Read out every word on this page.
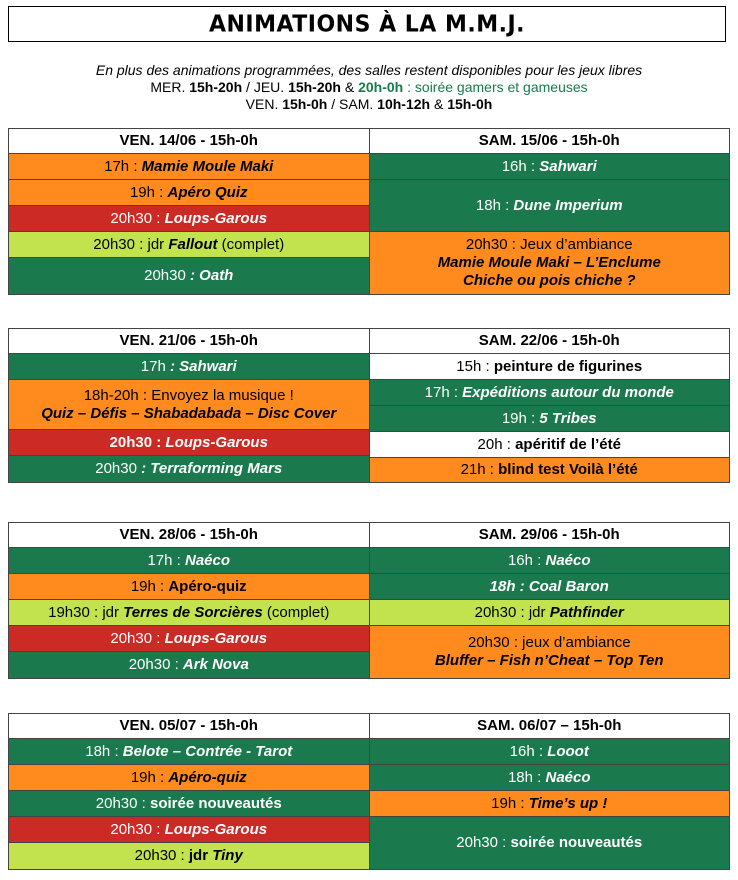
ANIMATIONS À LA M.M.J.
En plus des animations programmées, des salles restent disponibles pour les jeux libres
MER. 15h-20h / JEU. 15h-20h & 20h-0h : soirée gamers et gameuses
VEN. 15h-0h / SAM. 10h-12h & 15h-0h
VEN. 14/06 - 15h-0h
17h : Mamie Moule Maki
19h : Apéro Quiz
20h30 : Loups-Garous
20h30 : jdr Fallout (complet)
20h30 : Oath
SAM. 15/06 - 15h-0h
16h : Sahwari
18h : Dune Imperium
20h30 : Jeux d’ambiance
Mamie Moule Maki – L’Enclume
Chiche ou pois chiche ?
VEN. 21/06 - 15h-0h
17h : Sahwari
18h-20h : Envoyez la musique !
Quiz – Défis – Shabadabada – Disc Cover
20h30 : Loups-Garous
20h30 : Terraforming Mars
SAM. 22/06 - 15h-0h
15h : peinture de figurines
17h : Expéditions autour du monde
19h : 5 Tribes
20h : apéritif de l’été
21h : blind test Voilà l’été
VEN. 28/06 - 15h-0h
17h : Naéco
19h : Apéro-quiz
19h30 : jdr Terres de Sorcières (complet)
20h30 : Loups-Garous
20h30 : Ark Nova
SAM. 29/06 - 15h-0h
16h : Naéco
18h : Coal Baron
20h30 : jdr Pathfinder
20h30 : jeux d’ambiance
Bluffer – Fish n’Cheat – Top Ten
VEN. 05/07 - 15h-0h
18h : Belote – Contrée - Tarot
19h : Apéro-quiz
20h30 : soirée nouveautés
20h30 : Loups-Garous
20h30 : jdr Tiny
SAM. 06/07 – 15h-0h
16h : Looot
18h : Naéco
19h : Time’s up !
20h30 : soirée nouveautés
